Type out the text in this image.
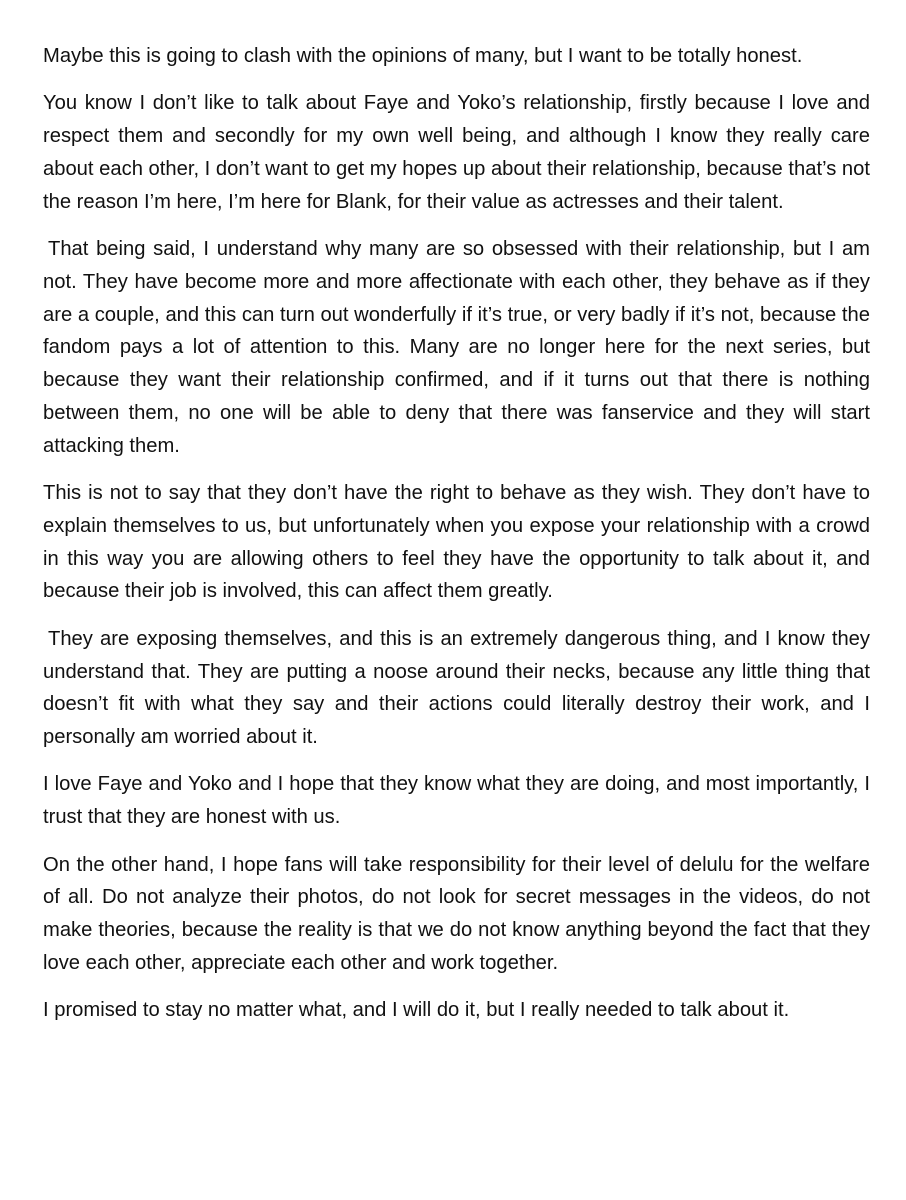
Maybe this is going to clash with the opinions of many, but I want to be totally honest.

You know I don’t like to talk about Faye and Yoko’s relationship, firstly because I love and respect them and secondly for my own well being, and although I know they really care about each other, I don’t want to get my hopes up about their relationship, because that’s not the reason I’m here, I’m here for Blank, for their value as actresses and their talent.

That being said, I understand why many are so obsessed with their relationship, but I am not. They have become more and more affectionate with each other, they behave as if they are a couple, and this can turn out wonderfully if it’s true, or very badly if it’s not, because the fandom pays a lot of attention to this. Many are no longer here for the next series, but because they want their relationship confirmed, and if it turns out that there is nothing between them, no one will be able to deny that there was fanservice and they will start attacking them.

This is not to say that they don’t have the right to behave as they wish. They don’t have to explain themselves to us, but unfortunately when you expose your relationship with a crowd in this way you are allowing others to feel they have the opportunity to talk about it, and because their job is involved, this can affect them greatly.

They are exposing themselves, and this is an extremely dangerous thing, and I know they understand that. They are putting a noose around their necks, because any little thing that doesn’t fit with what they say and their actions could literally destroy their work, and I personally am worried about it.

I love Faye and Yoko and I hope that they know what they are doing, and most importantly, I trust that they are honest with us.

On the other hand, I hope fans will take responsibility for their level of delulu for the welfare of all. Do not analyze their photos, do not look for secret messages in the videos, do not make theories, because the reality is that we do not know anything beyond the fact that they love each other, appreciate each other and work together.

I promised to stay no matter what, and I will do it, but I really needed to talk about it.
